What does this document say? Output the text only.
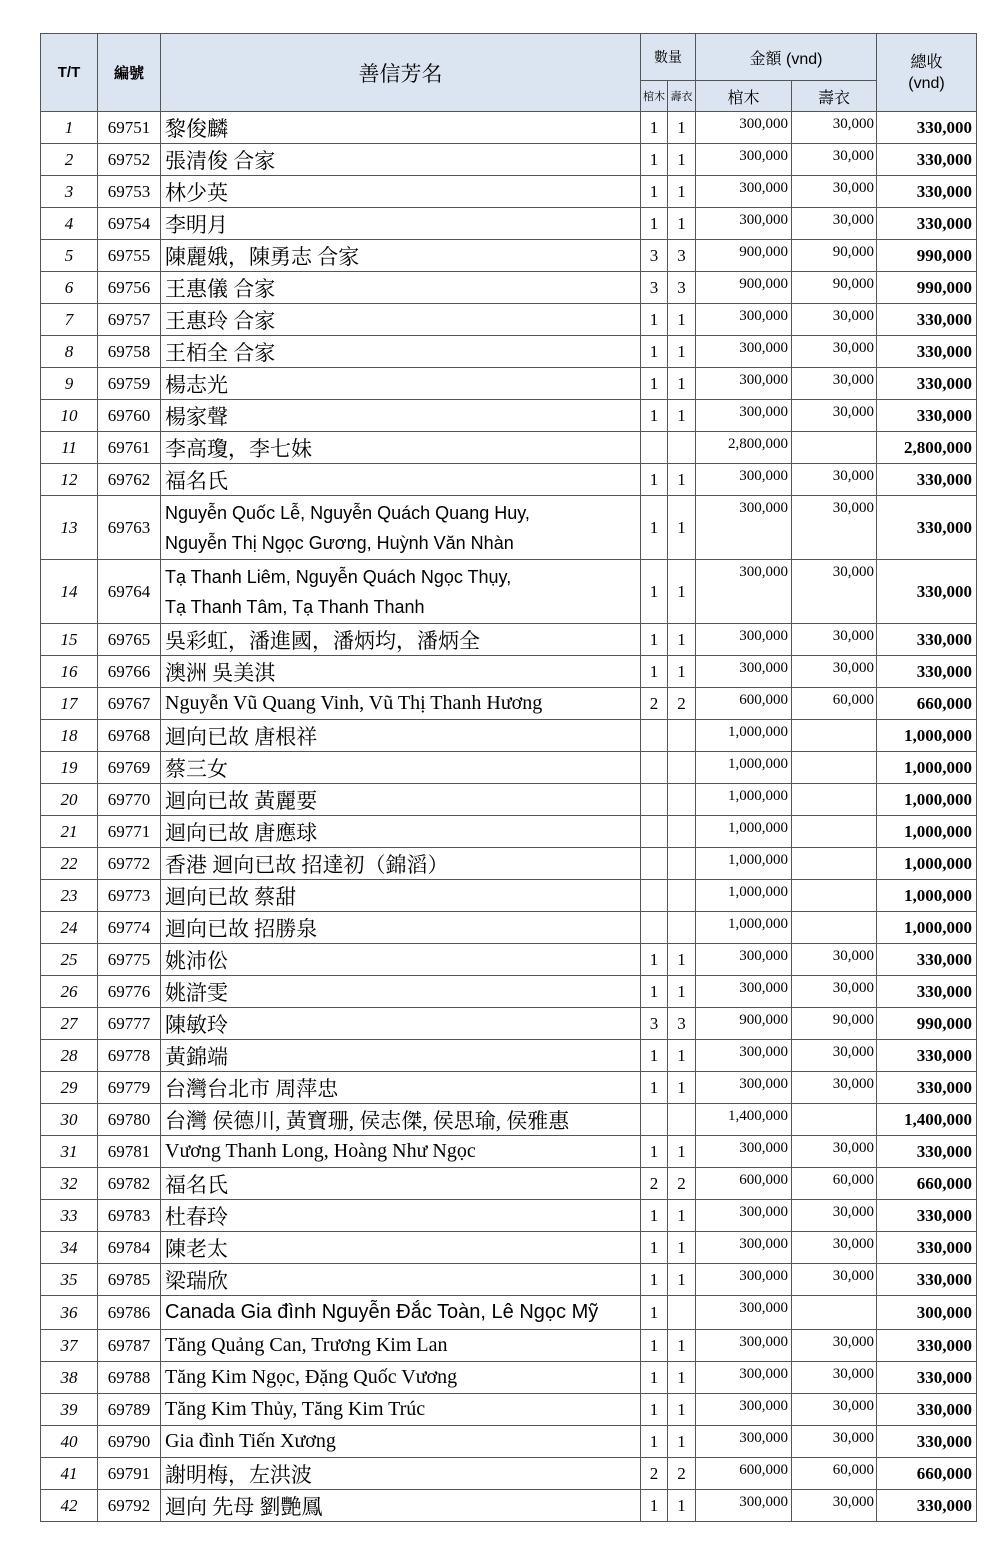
T/T	編號	善信芳名	數量		金額 (vnd)		總收
(vnd)

			棺木	壽衣	棺木	壽衣	
1	69751	黎俊麟	1	1	300,000	30,000	330,000
2	69752	張清俊 合家	1	1	300,000	30,000	330,000
3	69753	林少英	1	1	300,000	30,000	330,000
4	69754	李明月	1	1	300,000	30,000	330,000
5	69755	陳麗娥，陳勇志 合家	3	3	900,000	90,000	990,000
6	69756	王惠儀 合家	3	3	900,000	90,000	990,000
7	69757	王惠玲 合家	1	1	300,000	30,000	330,000
8	69758	王栢全 合家	1	1	300,000	30,000	330,000
9	69759	楊志光	1	1	300,000	30,000	330,000
10	69760	楊家聲	1	1	300,000	30,000	330,000
11	69761	李高瓊，李七妹			2,800,000		2,800,000
12	69762	福名氏	1	1	300,000	30,000	330,000
13	69763	Nguyễn Quốc Lễ, Nguyễn Quách Quang Huy,
Nguyễn Thị Ngọc Gương, Huỳnh Văn Nhàn	1	1	300,000	30,000	330,000
14	69764	Tạ Thanh Liêm, Nguyễn Quách Ngọc Thụy,
Tạ Thanh Tâm, Tạ Thanh Thanh	1	1	300,000	30,000	330,000
15	69765	吳彩虹，潘進國，潘炳均，潘炳全	1	1	300,000	30,000	330,000
16	69766	澳洲 吳美淇	1	1	300,000	30,000	330,000
17	69767	Nguyễn Vũ Quang Vinh, Vũ Thị Thanh Hương	2	2	600,000	60,000	660,000
18	69768	迴向已故 唐根祥			1,000,000		1,000,000
19	69769	蔡三女			1,000,000		1,000,000
20	69770	迴向已故 黃麗要			1,000,000		1,000,000
21	69771	迴向已故 唐應球			1,000,000		1,000,000
22	69772	香港 迴向已故 招達初（錦滔）			1,000,000		1,000,000
23	69773	迴向已故 蔡甜			1,000,000		1,000,000
24	69774	迴向已故 招勝泉			1,000,000		1,000,000
25	69775	姚沛伀	1	1	300,000	30,000	330,000
26	69776	姚滸雯	1	1	300,000	30,000	330,000
27	69777	陳敏玲	3	3	900,000	90,000	990,000
28	69778	黃錦端	1	1	300,000	30,000	330,000
29	69779	台灣台北市 周萍忠	1	1	300,000	30,000	330,000
30	69780	台灣 侯德川, 黃寶珊, 侯志傑, 侯思瑜, 侯雅惠			1,400,000		1,400,000
31	69781	Vương Thanh Long, Hoàng Như Ngọc	1	1	300,000	30,000	330,000
32	69782	福名氏	2	2	600,000	60,000	660,000
33	69783	杜春玲	1	1	300,000	30,000	330,000
34	69784	陳老太	1	1	300,000	30,000	330,000
35	69785	梁瑞欣	1	1	300,000	30,000	330,000
36	69786	Canada Gia đình Nguyễn Đắc Toàn, Lê Ngọc Mỹ	1		300,000		300,000
37	69787	Tăng Quảng Can, Trương Kim Lan	1	1	300,000	30,000	330,000
38	69788	Tăng Kim Ngọc, Đặng Quốc Vương	1	1	300,000	30,000	330,000
39	69789	Tăng Kim Thủy, Tăng Kim Trúc	1	1	300,000	30,000	330,000
40	69790	Gia đình Tiến Xương	1	1	300,000	30,000	330,000
41	69791	謝明梅，左洪波	2	2	600,000	60,000	660,000
42	69792	迴向 先母 劉艷鳳	1	1	300,000	30,000	330,000
